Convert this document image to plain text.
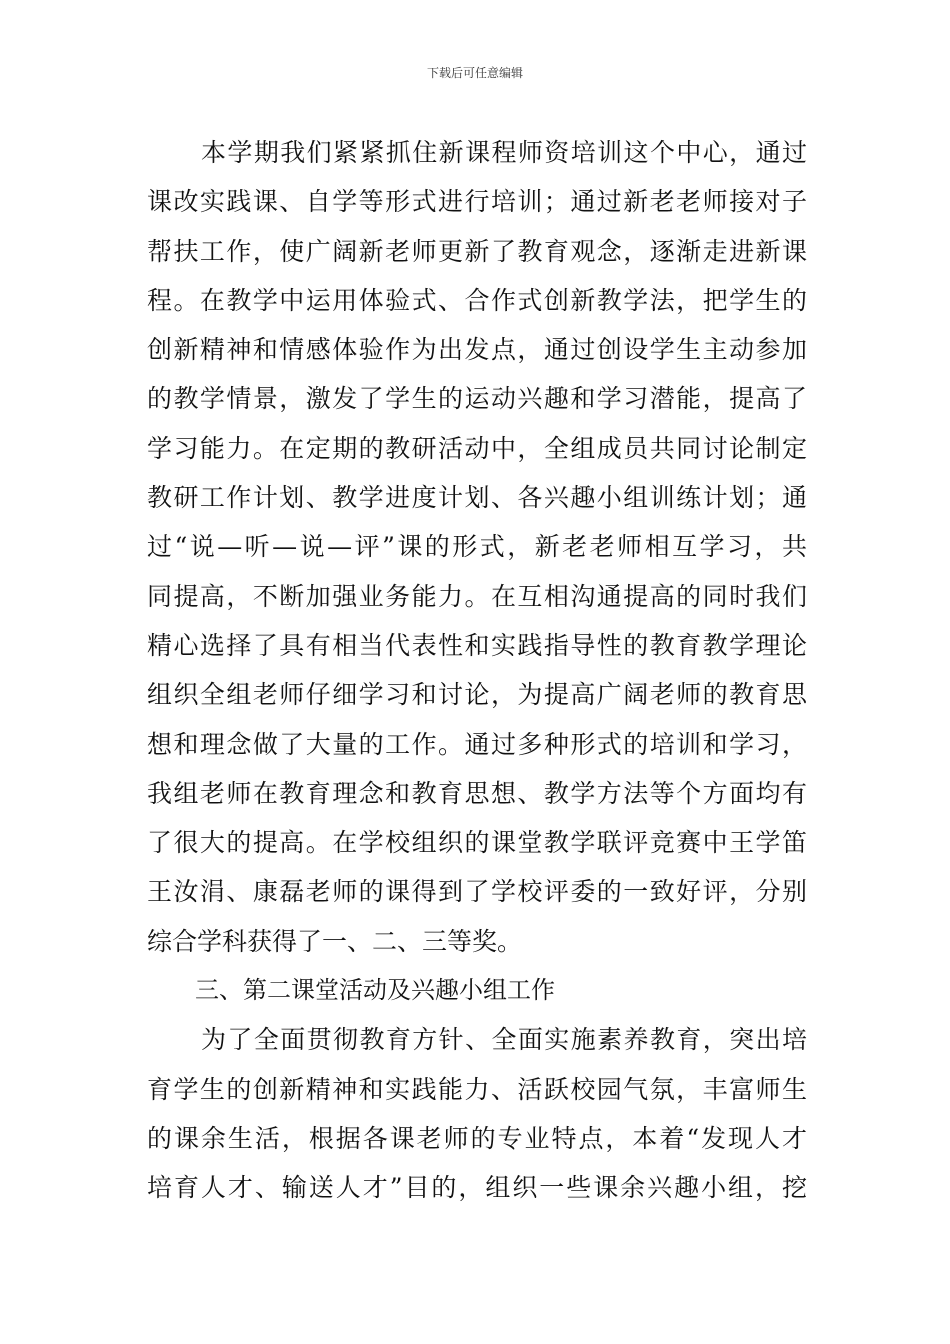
下载后可任意编辑
本学期我们紧紧抓住新课程师资培训这个中心，通过
课改实践课、自学等形式进行培训；通过新老老师接对子
帮扶工作，使广阔新老师更新了教育观念，逐渐走进新课
程。在教学中运用体验式、合作式创新教学法，把学生的
创新精神和情感体验作为出发点，通过创设学生主动参加
的教学情景，激发了学生的运动兴趣和学习潜能，提高了
学习能力。在定期的教研活动中，全组成员共同讨论制定
教研工作计划、教学进度计划、各兴趣小组训练计划；通
过“说—听—说—评”课的形式，新老老师相互学习，共
同提高，不断加强业务能力。在互相沟通提高的同时我们
精心选择了具有相当代表性和实践指导性的教育教学理论
组织全组老师仔细学习和讨论，为提高广阔老师的教育思
想和理念做了大量的工作。通过多种形式的培训和学习，
我组老师在教育理念和教育思想、教学方法等个方面均有
了很大的提高。在学校组织的课堂教学联评竞赛中王学笛
王汝涓、康磊老师的课得到了学校评委的一致好评，分别
综合学科获得了一、二、三等奖。
三、第二课堂活动及兴趣小组工作
为了全面贯彻教育方针、全面实施素养教育，突出培
育学生的创新精神和实践能力、活跃校园气氛，丰富师生
的课余生活，根据各课老师的专业特点，本着“发现人才
培育人才、输送人才”目的，组织一些课余兴趣小组，挖
